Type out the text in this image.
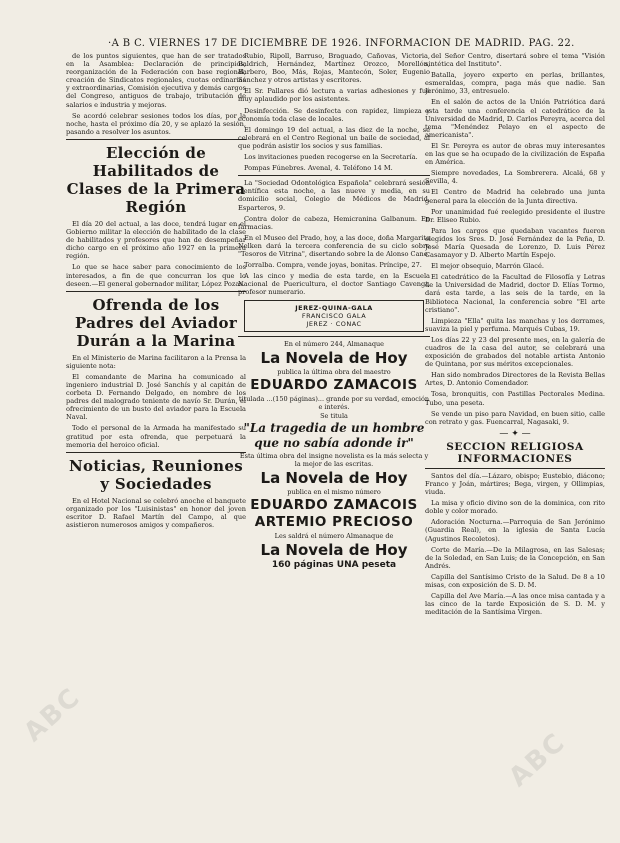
·A B C. VIERNES 17 DE DICIEMBRE DE 1926. INFORMACIÓN DE MADRID. PAG. 22.

de los puntos siguientes, que han de ser tratados en la Asamblea: Declaración de principios, reorganización de la Federación con base regional, creación de Sindicatos regionales, cuotas ordinarias y extraordinarias, Comisión ejecutiva y demás cargos del Congreso, antiguos de trabajo, tributación de salarios e industria y mejoras.

Se acordó celebrar sesiones todos los días, por la noche, hasta el próximo día 20, y se aplazó la sesión, pasando a resolver los asuntos.

Elección de Habilitados de Clases de la Primera Región

El día 20 del actual, a las doce, tendrá lugar en el Gobierno militar la elección de habilitado de la clase de habilitados y profesores que han de desempeñar dicho cargo en el próximo año 1927 en la primera región.

Lo que se hace saber para conocimiento de los interesados, a fin de que concurran los que lo deseen.—El general gobernador militar, López Pozas.

Ofrenda de los Padres del Aviador Durán a la Marina

En el Ministerio de Marina facilitaron a la Prensa la siguiente nota:

El comandante de Marina ha comunicado al ingeniero industrial D. José Sanchís y al capitán de corbeta D. Fernando Delgado, en nombre de los padres del malogrado teniente de navío Sr. Durán, el ofrecimiento de un busto del aviador para la Escuela Naval.

Todo el personal de la Armada ha manifestado su gratitud por esta ofrenda, que perpetuará la memoria del heroico oficial.

Noticias, Reuniones y Sociedades

En el Hotel Nacional se celebró anoche el banquete organizado por los "Luisinistas" en honor del joven escritor D. Rafael Martín del Campo, al que asistieron numerosos amigos y compañeros.

Rubio, Ripoll, Barruso, Braguado, Cañovas, Victoria, Baldrich, Hernández, Martínez Orozco, Morellón, Barbero, Boo, Más, Rojas, Mantecón, Soler, Eugenio Sánchez y otros artistas y escritores.

El Sr. Pallares dió lectura a varias adhesiones y fué muy aplaudido por los asistentes.

Desinfección. Se desinfecta con rapidez, limpieza y economía toda clase de locales.

El domingo 19 del actual, a las diez de la noche, se celebrará en el Centro Regional un baile de sociedad, al que podrán asistir los socios y sus familias.

Los invitaciones pueden recogerse en la Secretaría.

Pompas Fúnebres. Avenal, 4. Teléfono 14 M.

La "Sociedad Odontológica Española" celebrará sesión científica esta noche, a las nueve y media, en su domicilio social, Colegio de Médicos de Madrid, Esparteros, 9.

Contra dolor de cabeza, Hemicranina Galbanum. En farmacias.

En el Museo del Prado, hoy, a las doce, doña Margarita Nelken dará la tercera conferencia de su ciclo sobre "Tesoros de Vitrina", disertando sobre la de Alonso Cano.

Torralba. Compra, vende joyas, bonitas. Príncipe, 27.

A las cinco y media de esta tarde, en la Escuela Nacional de Puericultura, el doctor Santiago Cavengt, profesor numerario.

JEREZ-QUINA-GALA
FRANCISCO GALA
JEREZ · CONAC
En el número 244, Almanaque
La Novela de Hoy
publica la última obra del maestro
EDUARDO ZAMACOIS
titulada ...(150 páginas)... grande por su verdad, emoción e interés.
Se titula
"La tragedia de un hombre que no sabía adonde ir"
Esta última obra del insigne novelista es la más selecta y la mejor de las escritas.
La Novela de Hoy
publica en el mismo número
EDUARDO ZAMACOIS
ARTEMIO PRECIOSO
Les saldrá el número Almanaque de
La Novela de Hoy
160 páginas UNA peseta

del Señor Centro, disertará sobre el tema "Visión sintética del Instituto".

Batalla, joyero experto en perlas, brillantes, esmeraldas, compra, paga más que nadie. San Jerónimo, 33, entresuelo.

En el salón de actos de la Unión Patriótica dará esta tarde una conferencia el catedrático de la Universidad de Madrid, D. Carlos Pereyra, acerca del tema "Menéndez Pelayo en el aspecto de americanista".

El Sr. Pereyra es autor de obras muy interesantes en las que se ha ocupado de la civilización de España en América.

Siempre novedades, La Sombrerera. Alcalá, 68 y Sevilla, 4.

El Centro de Madrid ha celebrado una junta general para la elección de la Junta directiva.

Por unanimidad fué reelegido presidente el ilustre Dr. Eliseo Rubio.

Para los cargos que quedaban vacantes fueron elegidos los Sres. D. José Fernández de la Peña, D. José María Quesada de Lorenzo, D. Luis Pérez Casamayor y D. Alberto Martín Espejo.

El mejor obsequio, Marrón Glacé.

El catedrático de la Facultad de Filosofía y Letras de la Universidad de Madrid, doctor D. Elías Tormo, dará esta tarde, a las seis de la tarde, en la Biblioteca Nacional, la conferencia sobre "El arte cristiano".

Limpieza "Ella" quita las manchas y los derrames, suaviza la piel y perfuma. Marqués Cubas, 19.

Los días 22 y 23 del presente mes, en la galería de cuadros de la casa del autor, se celebrará una exposición de grabados del notable artista Antonio de Quintana, por sus méritos excepcionales.

Han sido nombrados Directores de la Revista Bellas Artes, D. Antonio Comendador.

Tosa, bronquitis, con Pastillas Pectorales Medina. Tubo, una peseta.

Se vende un piso para Navidad, en buen sitio, calle con retrato y gas. Fuencarral, Nagasaki, 9.

— ✦ —
SECCION RELIGIOSA
INFORMACIONES

Santos del día.—Lázaro, obispo; Eustebio, diácono; Franco y Joán, mártires; Bega, virgen, y Ollimpias, viuda.

La misa y oficio divino son de la dominica, con rito doble y color morado.

Adoración Nocturna.—Parroquia de San Jerónimo (Guardia Real), en la iglesia de Santa Lucía (Agustinos Recoletos).

Corte de María.—De la Milagrosa, en las Salesas; de la Soledad, en San Luis; de la Concepción, en San Andrés.

Capilla del Santísimo Cristo de la Salud. De 8 a 10 misas, con exposición de S. D. M.

Capilla del Ave María.—A las once misa cantada y a las cinco de la tarde Exposición de S. D. M. y meditación de la Santísima Virgen.

ABC
ABC
